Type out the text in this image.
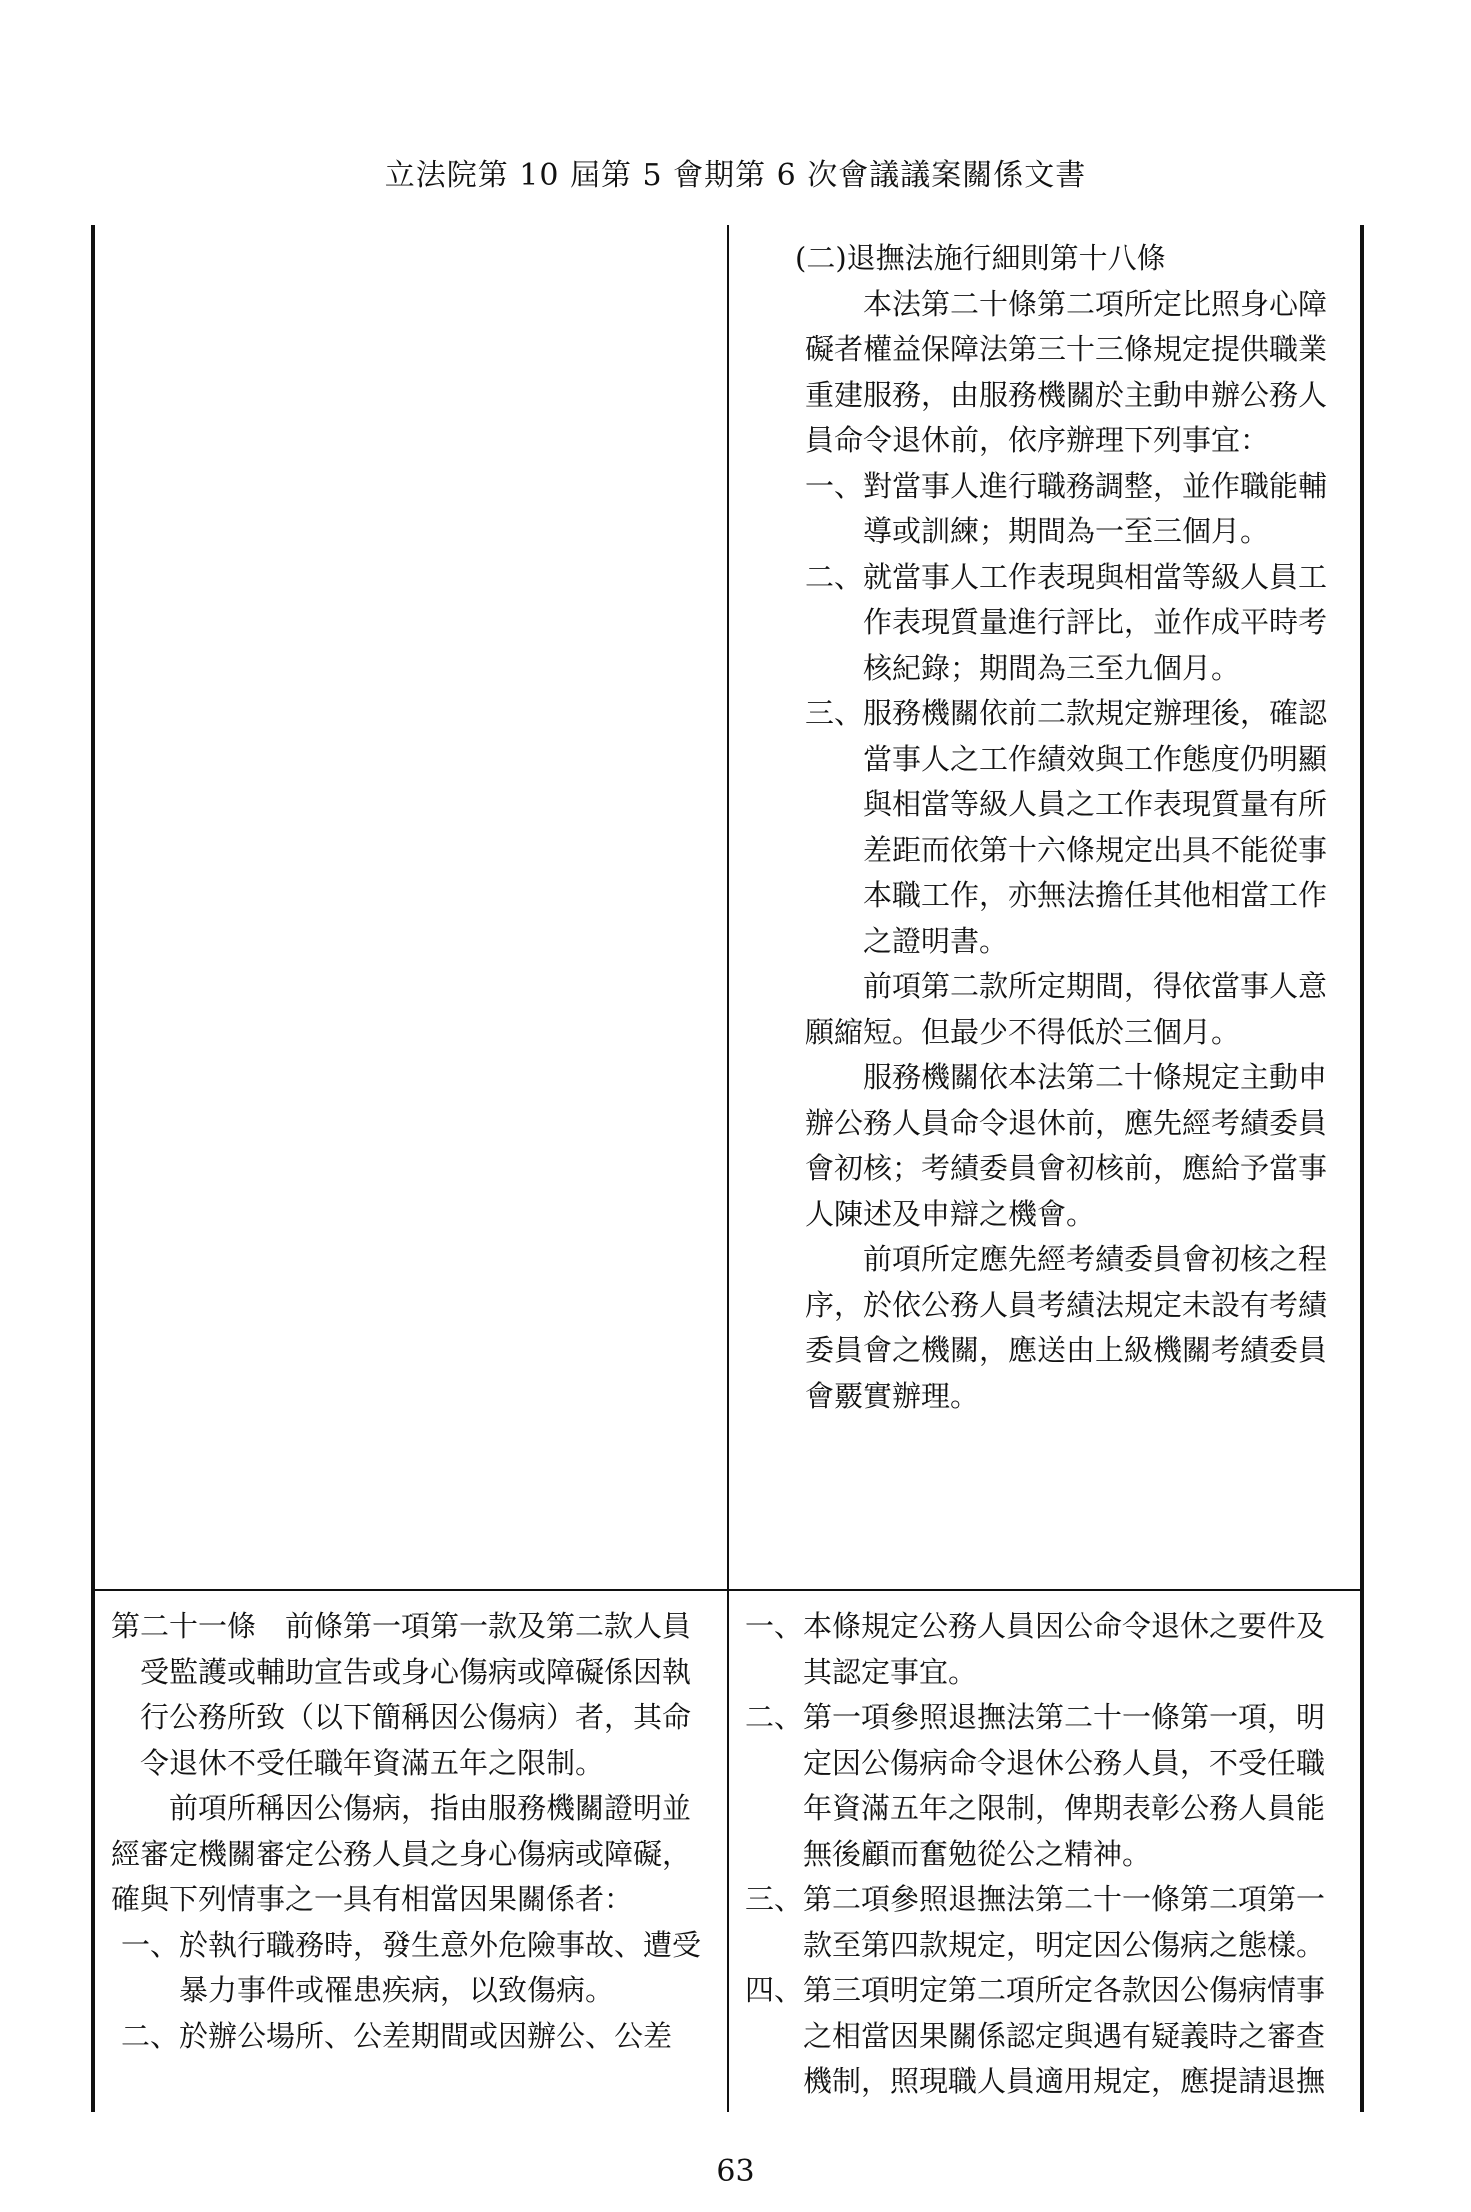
立法院第 10 屆第 5 會期第 6 次會議議案關係文書

(二)退撫法施行細則第十八條

本法第二十條第二項所定比照身心障礙者權益保障法第三十三條規定提供職業重建服務，由服務機關於主動申辦公務人員命令退休前，依序辦理下列事宜：

一、對當事人進行職務調整，並作職能輔導或訓練；期間為一至三個月。

二、就當事人工作表現與相當等級人員工作表現質量進行評比，並作成平時考核紀錄；期間為三至九個月。

三、服務機關依前二款規定辦理後，確認當事人之工作績效與工作態度仍明顯與相當等級人員之工作表現質量有所差距而依第十六條規定出具不能從事本職工作，亦無法擔任其他相當工作之證明書。

前項第二款所定期間，得依當事人意願縮短。但最少不得低於三個月。

服務機關依本法第二十條規定主動申辦公務人員命令退休前，應先經考績委員會初核；考績委員會初核前，應給予當事人陳述及申辯之機會。

前項所定應先經考績委員會初核之程序，於依公務人員考績法規定未設有考績委員會之機關，應送由上級機關考績委員會覈實辦理。

第二十一條　前條第一項第一款及第二款人員受監護或輔助宣告或身心傷病或障礙係因執行公務所致（以下簡稱因公傷病）者，其命令退休不受任職年資滿五年之限制。

前項所稱因公傷病，指由服務機關證明並經審定機關審定公務人員之身心傷病或障礙，確與下列情事之一具有相當因果關係者：

一、於執行職務時，發生意外危險事故、遭受暴力事件或罹患疾病，以致傷病。

二、於辦公場所、公差期間或因辦公、公差

一、本條規定公務人員因公命令退休之要件及其認定事宜。

二、第一項參照退撫法第二十一條第一項，明定因公傷病命令退休公務人員，不受任職年資滿五年之限制，俾期表彰公務人員能無後顧而奮勉從公之精神。

三、第二項參照退撫法第二十一條第二項第一款至第四款規定，明定因公傷病之態樣。

四、第三項明定第二項所定各款因公傷病情事之相當因果關係認定與遇有疑義時之審查機制，照現職人員適用規定，應提請退撫

63
